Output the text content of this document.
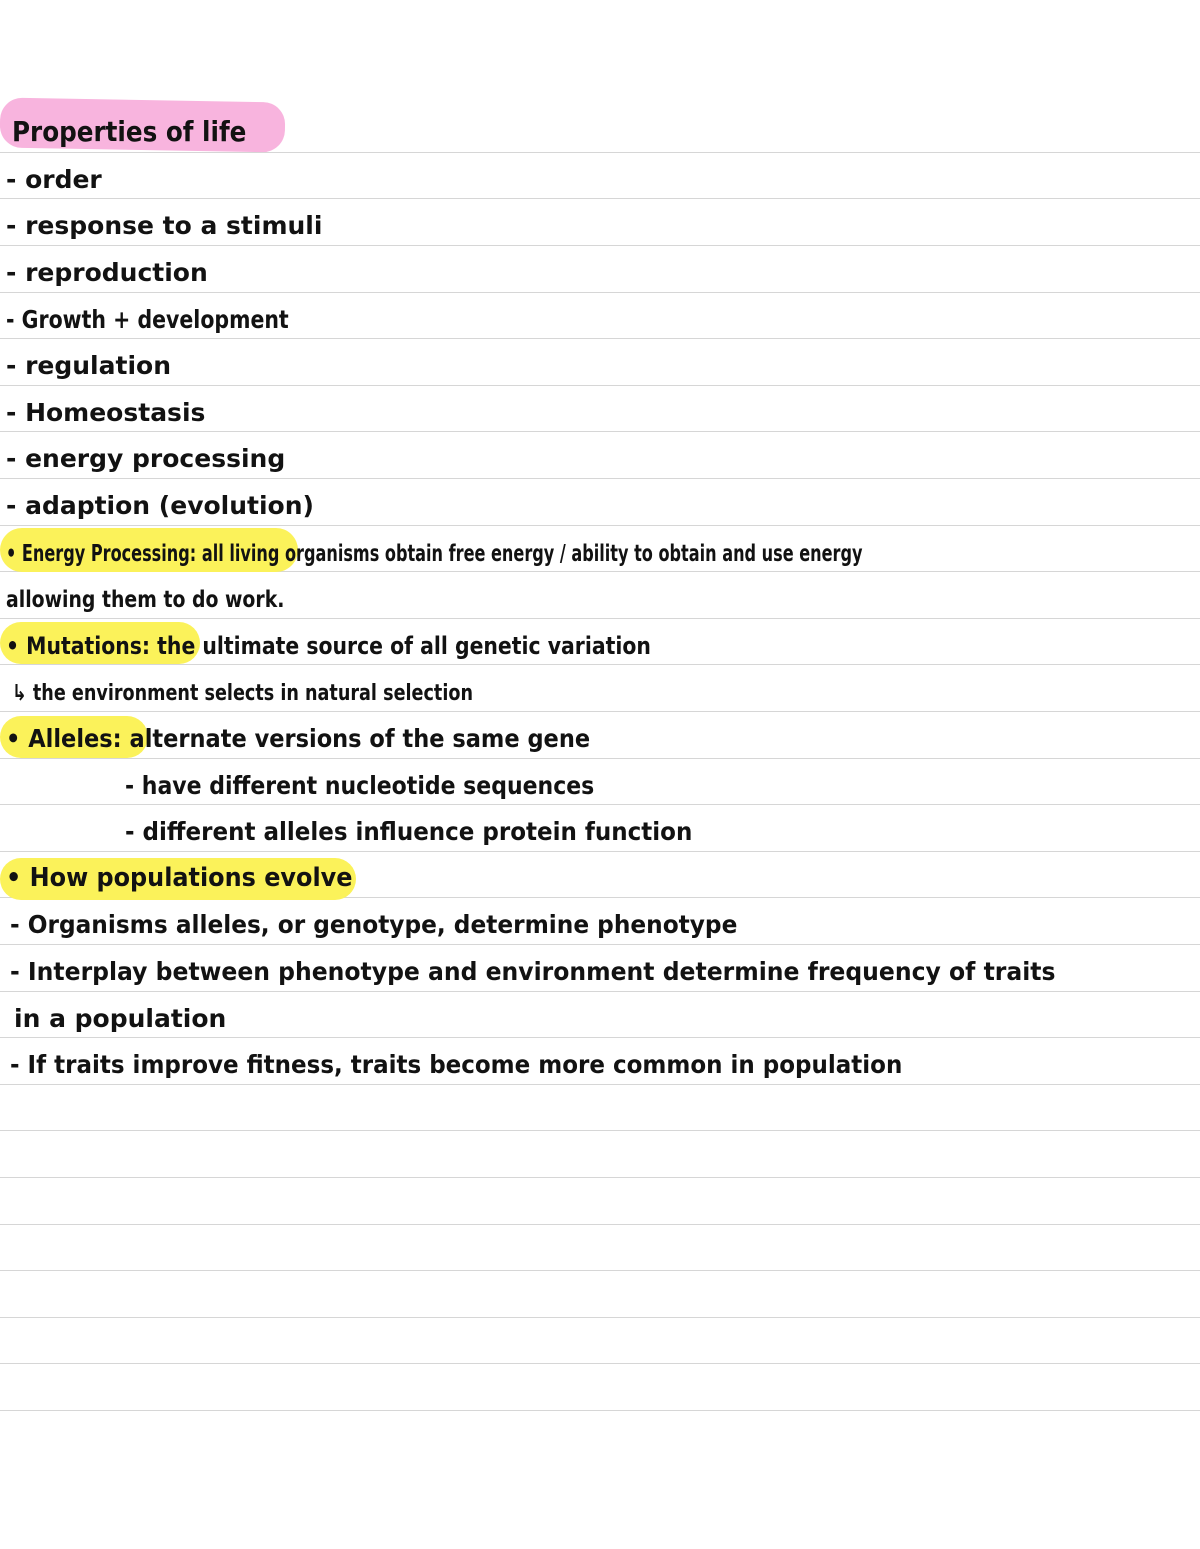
Properties of life
- order
- response to a stimuli
- reproduction
- Growth + development
- regulation
- Homeostasis
- energy processing
- adaption (evolution)
• Energy Processing: all living organisms obtain free energy / ability to obtain and use energy
allowing them to do work.
• Mutations: the ultimate source of all genetic variation
↳ the environment selects in natural selection
• Alleles: alternate versions of the same gene
- have different nucleotide sequences
- different alleles influence protein function
• How populations evolve
- Organisms alleles, or genotype, determine phenotype
- Interplay between phenotype and environment determine frequency of traits
in a population
- If traits improve fitness, traits become more common in population
